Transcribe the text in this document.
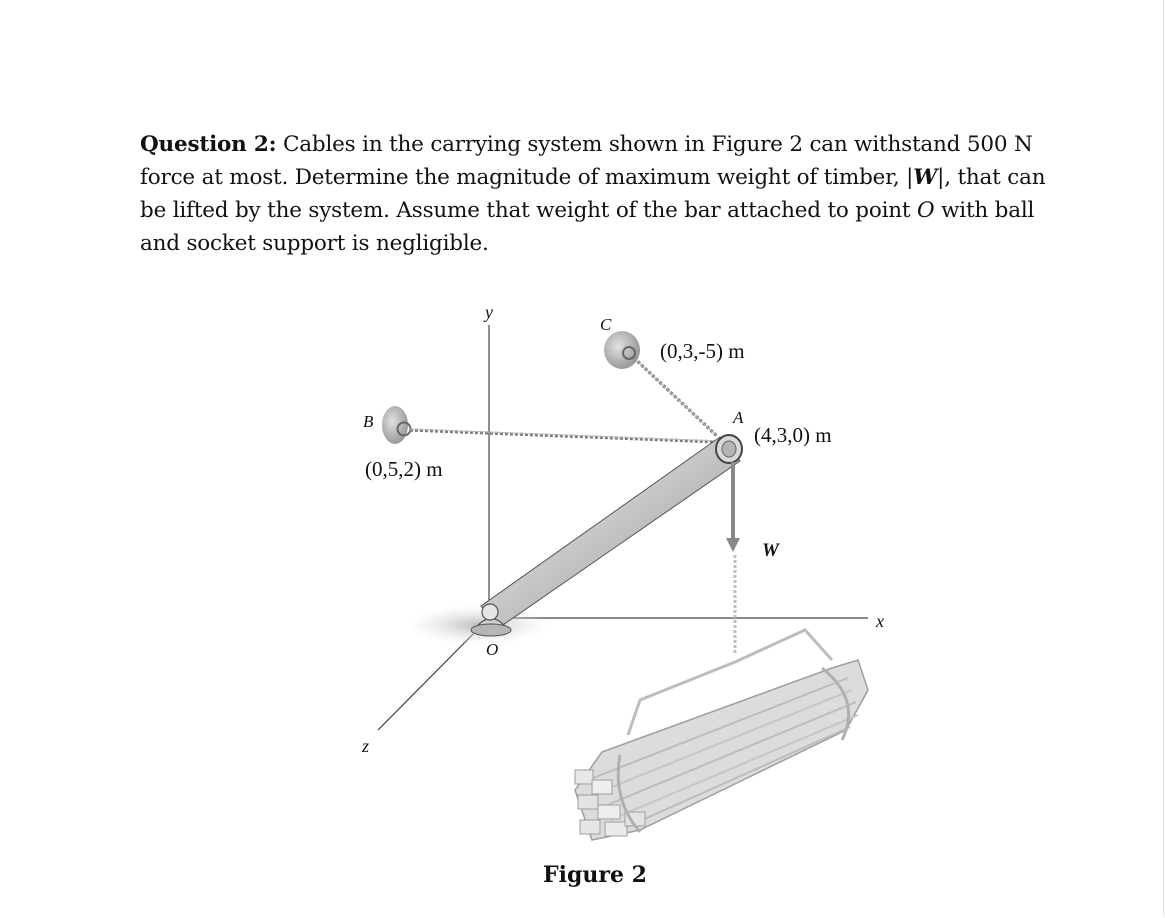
Question 2: Cables in the carrying system shown in Figure 2 can withstand 500 N force at most. Determine the magnitude of maximum weight of timber, |W|, that can be lifted by the system. Assume that weight of the bar attached to point O with ball and socket support is negligible.

y
x
z
B
(0,5,2) m
C
(0,3,-5) m
A
(4,3,0) m
O
W
Figure 2
